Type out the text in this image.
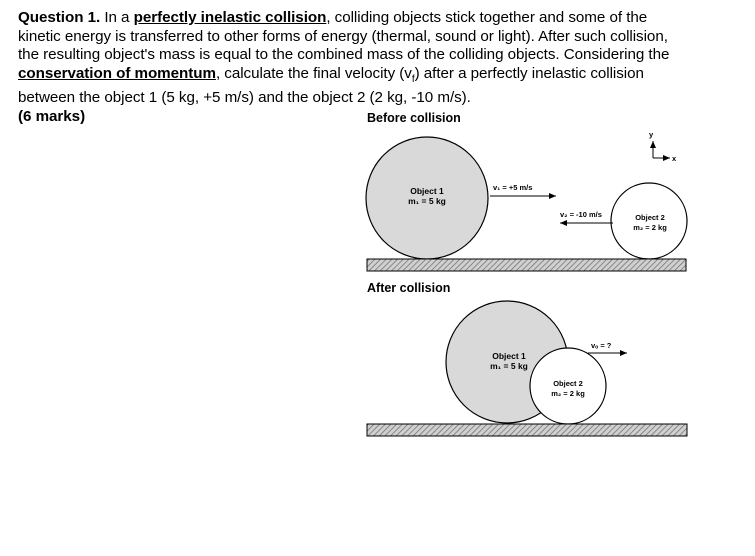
Question 1. In a perfectly inelastic collision, colliding objects stick together and some of the kinetic energy is transferred to other forms of energy (thermal, sound or light). After such collision, the resulting object's mass is equal to the combined mass of the colliding objects. Considering the conservation of momentum, calculate the final velocity $(v_f)$ after a perfectly inelastic collision between the object 1 (5 kg, +5 m/s) and the object 2 (2 kg, -10 m/s).
(6 marks)	Before collision
After collision
y
x
Object 1
m₁ = 5 kg
v₁ = +5 m/s
Object 2
m₂ = 2 kg
v₂ = -10 m/s
Object 1
m₁ = 5 kg
Object 2
m₂ = 2 kg
vₒ = ?
